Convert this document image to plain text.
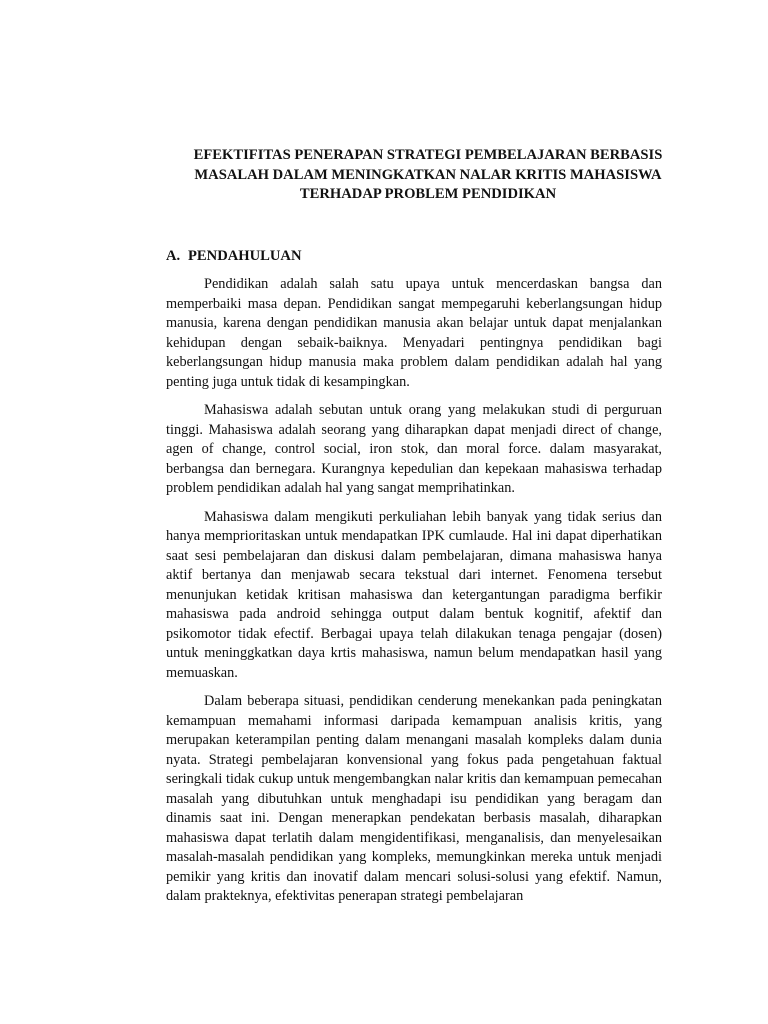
EFEKTIFITAS PENERAPAN STRATEGI PEMBELAJARAN BERBASIS
MASALAH DALAM MENINGKATKAN NALAR KRITIS MAHASISWA
TERHADAP PROBLEM PENDIDIKAN
A. PENDAHULUAN

Pendidikan adalah salah satu upaya untuk mencerdaskan bangsa dan memperbaiki masa depan. Pendidikan sangat mempegaruhi keberlangsungan hidup manusia, karena dengan pendidikan manusia akan belajar untuk dapat menjalankan kehidupan dengan sebaik-baiknya. Menyadari pentingnya pendidikan bagi keberlangsungan hidup manusia maka problem dalam pendidikan adalah hal yang penting juga untuk tidak di kesampingkan.

Mahasiswa adalah sebutan untuk orang yang melakukan studi di perguruan tinggi. Mahasiswa adalah seorang yang diharapkan dapat menjadi direct of change, agen of change, control social, iron stok, dan moral force. dalam masyarakat, berbangsa dan bernegara. Kurangnya kepedulian dan kepekaan mahasiswa terhadap problem pendidikan adalah hal yang sangat memprihatinkan.

Mahasiswa dalam mengikuti perkuliahan lebih banyak yang tidak serius dan hanya memprioritaskan untuk mendapatkan IPK cumlaude. Hal ini dapat diperhatikan saat sesi pembelajaran dan diskusi dalam pembelajaran, dimana mahasiswa hanya aktif bertanya dan menjawab secara tekstual dari internet. Fenomena tersebut menunjukan ketidak kritisan mahasiswa dan ketergantungan paradigma berfikir mahasiswa pada android sehingga output dalam bentuk kognitif, afektif dan psikomotor tidak efectif. Berbagai upaya telah dilakukan tenaga pengajar (dosen) untuk meninggkatkan daya krtis mahasiswa, namun belum mendapatkan hasil yang memuaskan.

Dalam beberapa situasi, pendidikan cenderung menekankan pada peningkatan kemampuan memahami informasi daripada kemampuan analisis kritis, yang merupakan keterampilan penting dalam menangani masalah kompleks dalam dunia nyata. Strategi pembelajaran konvensional yang fokus pada pengetahuan faktual seringkali tidak cukup untuk mengembangkan nalar kritis dan kemampuan pemecahan masalah yang dibutuhkan untuk menghadapi isu pendidikan yang beragam dan dinamis saat ini. Dengan menerapkan pendekatan berbasis masalah, diharapkan mahasiswa dapat terlatih dalam mengidentifikasi, menganalisis, dan menyelesaikan masalah-masalah pendidikan yang kompleks, memungkinkan mereka untuk menjadi pemikir yang kritis dan inovatif dalam mencari solusi-solusi yang efektif. Namun, dalam prakteknya, efektivitas penerapan strategi pembelajaran
